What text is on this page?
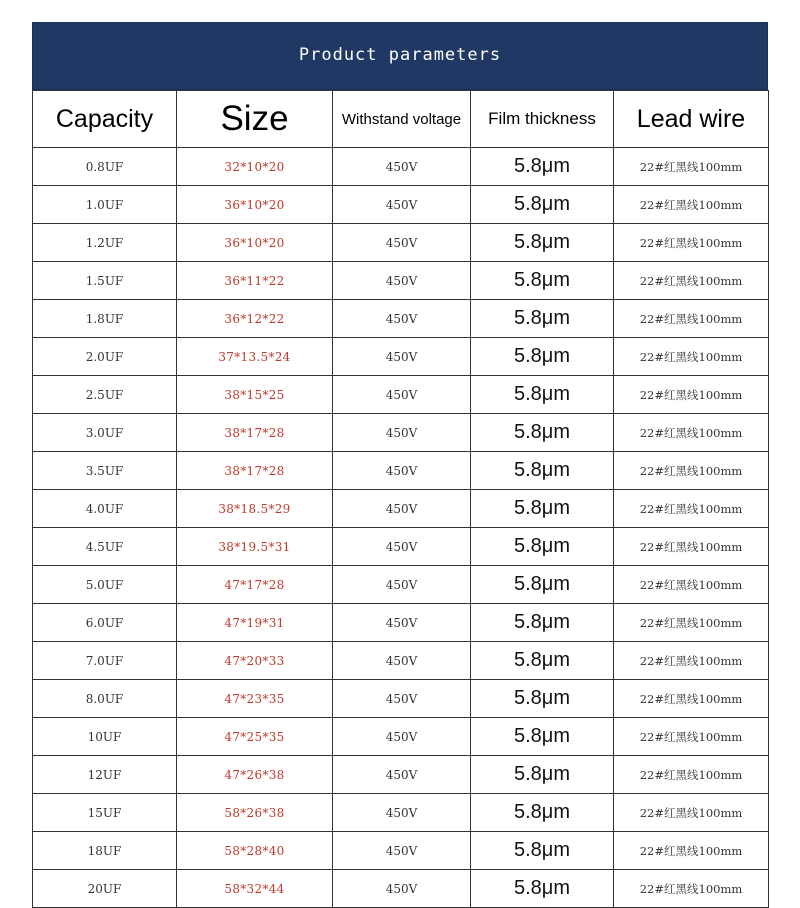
Product parameters
Capacity	Size	Withstand voltage	Film thickness	Lead wire
0.8UF	32*10*20	450V	5.8μm	22#红黑线100mm
1.0UF	36*10*20	450V	5.8μm	22#红黑线100mm
1.2UF	36*10*20	450V	5.8μm	22#红黑线100mm
1.5UF	36*11*22	450V	5.8μm	22#红黑线100mm
1.8UF	36*12*22	450V	5.8μm	22#红黑线100mm
2.0UF	37*13.5*24	450V	5.8μm	22#红黑线100mm
2.5UF	38*15*25	450V	5.8μm	22#红黑线100mm
3.0UF	38*17*28	450V	5.8μm	22#红黑线100mm
3.5UF	38*17*28	450V	5.8μm	22#红黑线100mm
4.0UF	38*18.5*29	450V	5.8μm	22#红黑线100mm
4.5UF	38*19.5*31	450V	5.8μm	22#红黑线100mm
5.0UF	47*17*28	450V	5.8μm	22#红黑线100mm
6.0UF	47*19*31	450V	5.8μm	22#红黑线100mm
7.0UF	47*20*33	450V	5.8μm	22#红黑线100mm
8.0UF	47*23*35	450V	5.8μm	22#红黑线100mm
10UF	47*25*35	450V	5.8μm	22#红黑线100mm
12UF	47*26*38	450V	5.8μm	22#红黑线100mm
15UF	58*26*38	450V	5.8μm	22#红黑线100mm
18UF	58*28*40	450V	5.8μm	22#红黑线100mm
20UF	58*32*44	450V	5.8μm	22#红黑线100mm
